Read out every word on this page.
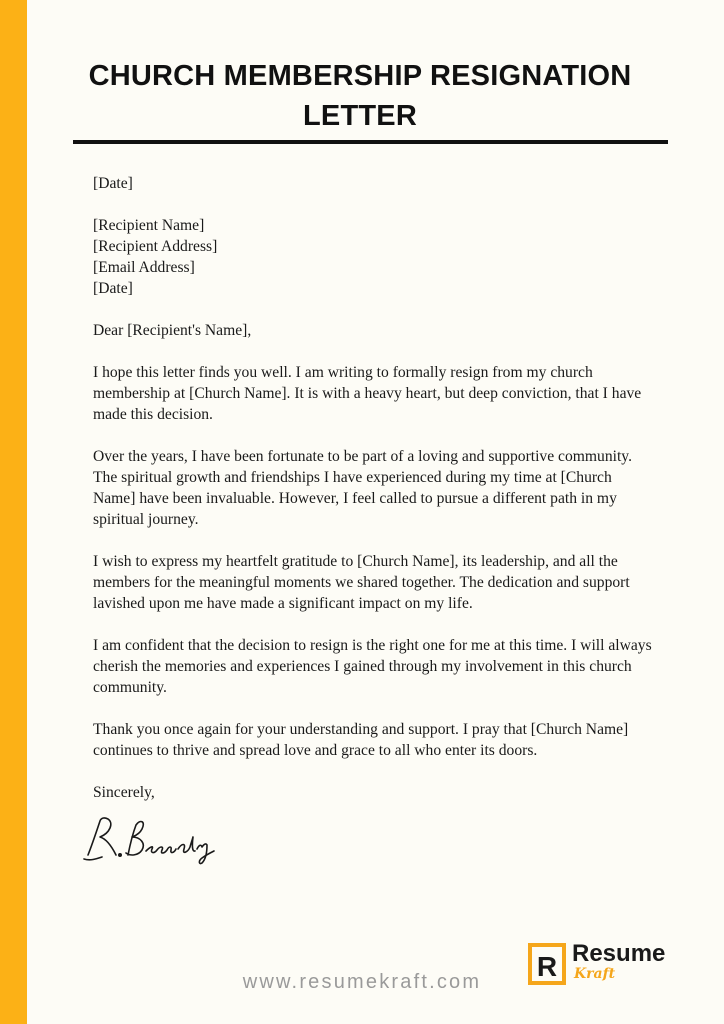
CHURCH MEMBERSHIP RESIGNATION LETTER

[Date]

[Recipient Name]
[Recipient Address]
[Email Address]
[Date]

Dear [Recipient's Name],

I hope this letter finds you well. I am writing to formally resign from my church membership at [Church Name]. It is with a heavy heart, but deep conviction, that I have made this decision.

Over the years, I have been fortunate to be part of a loving and supportive community. The spiritual growth and friendships I have experienced during my time at [Church Name] have been invaluable. However, I feel called to pursue a different path in my spiritual journey.

I wish to express my heartfelt gratitude to [Church Name], its leadership, and all the members for the meaningful moments we shared together. The dedication and support lavished upon me have made a significant impact on my life.

I am confident that the decision to resign is the right one for me at this time. I will always cherish the memories and experiences I gained through my involvement in this church community.

Thank you once again for your understanding and support. I pray that [Church Name] continues to thrive and spread love and grace to all who enter its doors.

Sincerely,

www.resumekraft.com	R Resume
Kraft
